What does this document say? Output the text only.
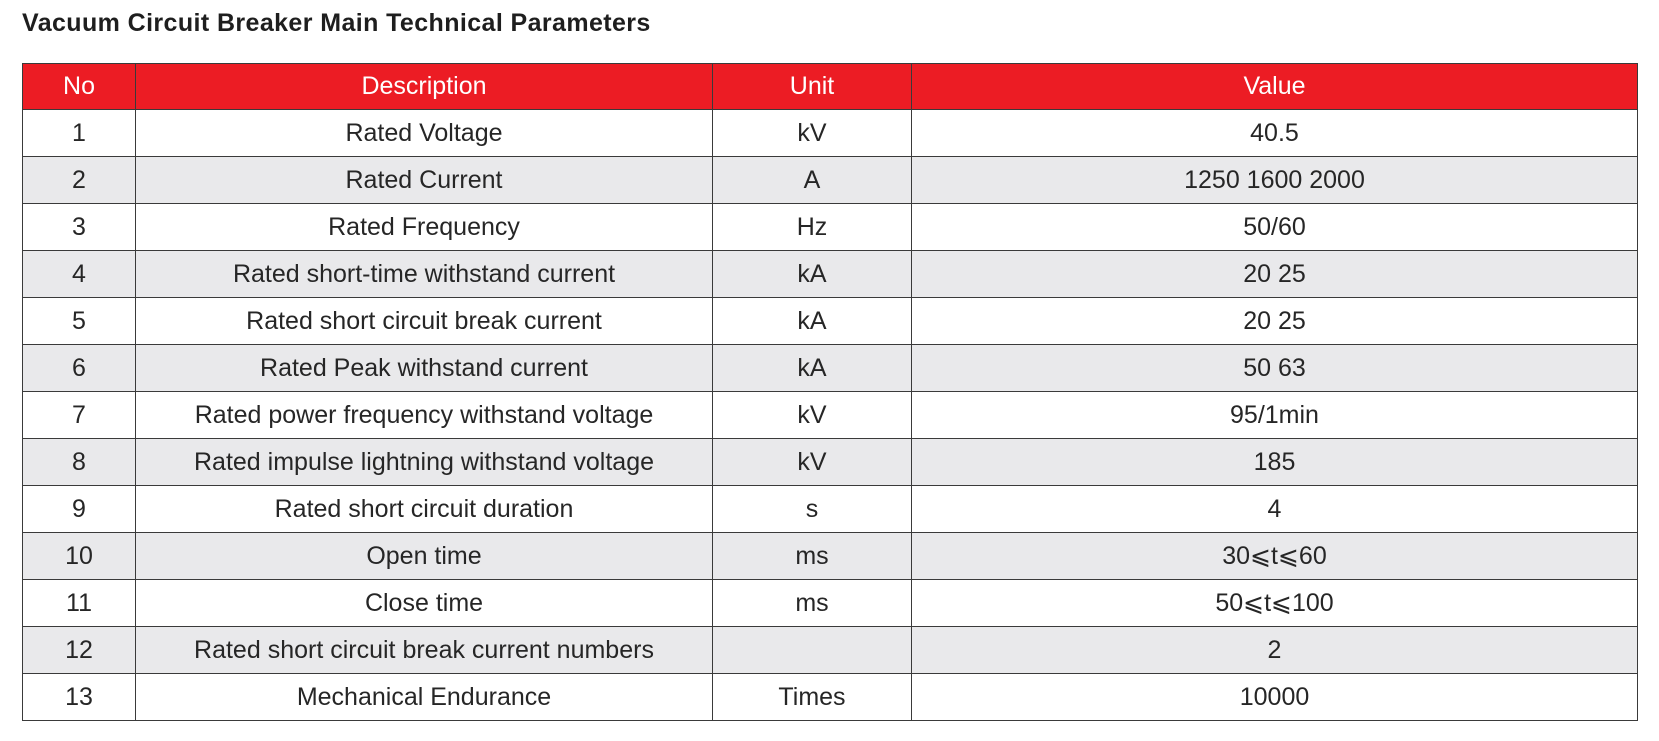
Vacuum Circuit Breaker Main Technical Parameters
No	Description	Unit	Value
1	Rated Voltage	kV	40.5
2	Rated Current	A	1250 1600 2000
3	Rated Frequency	Hz	50/60
4	Rated short-time withstand current	kA	20 25
5	Rated short circuit break current	kA	20 25
6	Rated Peak withstand current	kA	50 63
7	Rated power frequency withstand voltage	kV	95/1min
8	Rated impulse lightning withstand voltage	kV	185
9	Rated short circuit duration	s	4
10	Open time	ms	30⩽t⩽60
11	Close time	ms	50⩽t⩽100
12	Rated short circuit break current numbers		2
13	Mechanical Endurance	Times	10000
